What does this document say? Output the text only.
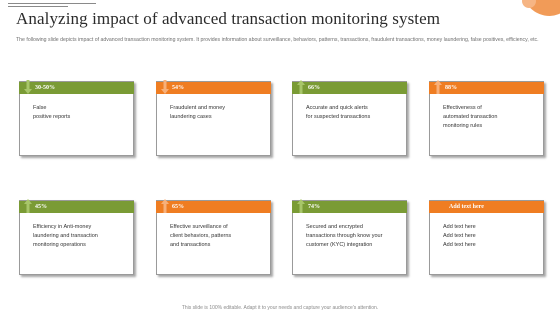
Analyzing impact of advanced transaction monitoring system

The following slide depicts impact of advanced transaction monitoring system. It provides information about surveillance, behaviors, patterns, transactions, fraudulent transactions, money laundering, false positives, efficiency, etc.

30-50%
False
positive reports
54%
Fraudulent and money
laundering cases
66%
Accurate and quick alerts
for suspected transactions
88%
Effectiveness of
automated transaction
monitoring rules
45%
Efficiency in Anti-money
laundering and transaction
monitoring operations
65%
Effective surveillance of
client behaviors, patterns
and transactions
74%
Secured and encrypted
transactions through know your
customer (KYC) integration
Add text here
Add text here
Add text here
Add text here
This slide is 100% editable. Adapt it to your needs and capture your audience's attention.
